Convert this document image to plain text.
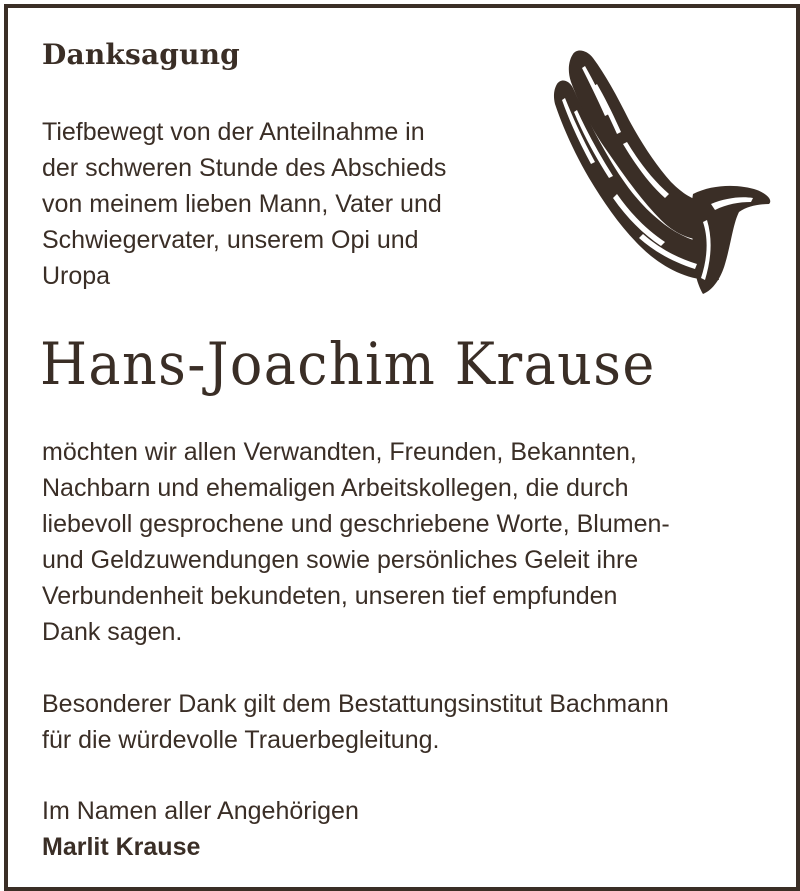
Danksagung
Tiefbewegt von der Anteilnahme in
der schweren Stunde des Abschieds
von meinem lieben Mann, Vater und
Schwiegervater, unserem Opi und
Uropa
Hans-Joachim Krause
möchten wir allen Verwandten, Freunden, Bekannten,
Nachbarn und ehemaligen Arbeitskollegen, die durch
liebevoll gesprochene und geschriebene Worte, Blumen-
und Geldzuwendungen sowie persönliches Geleit ihre
Verbundenheit bekundeten, unseren tief empfunden
Dank sagen.
Besonderer Dank gilt dem Bestattungsinstitut Bachmann
für die würdevolle Trauerbegleitung.
Im Namen aller Angehörigen
Marlit Krause
